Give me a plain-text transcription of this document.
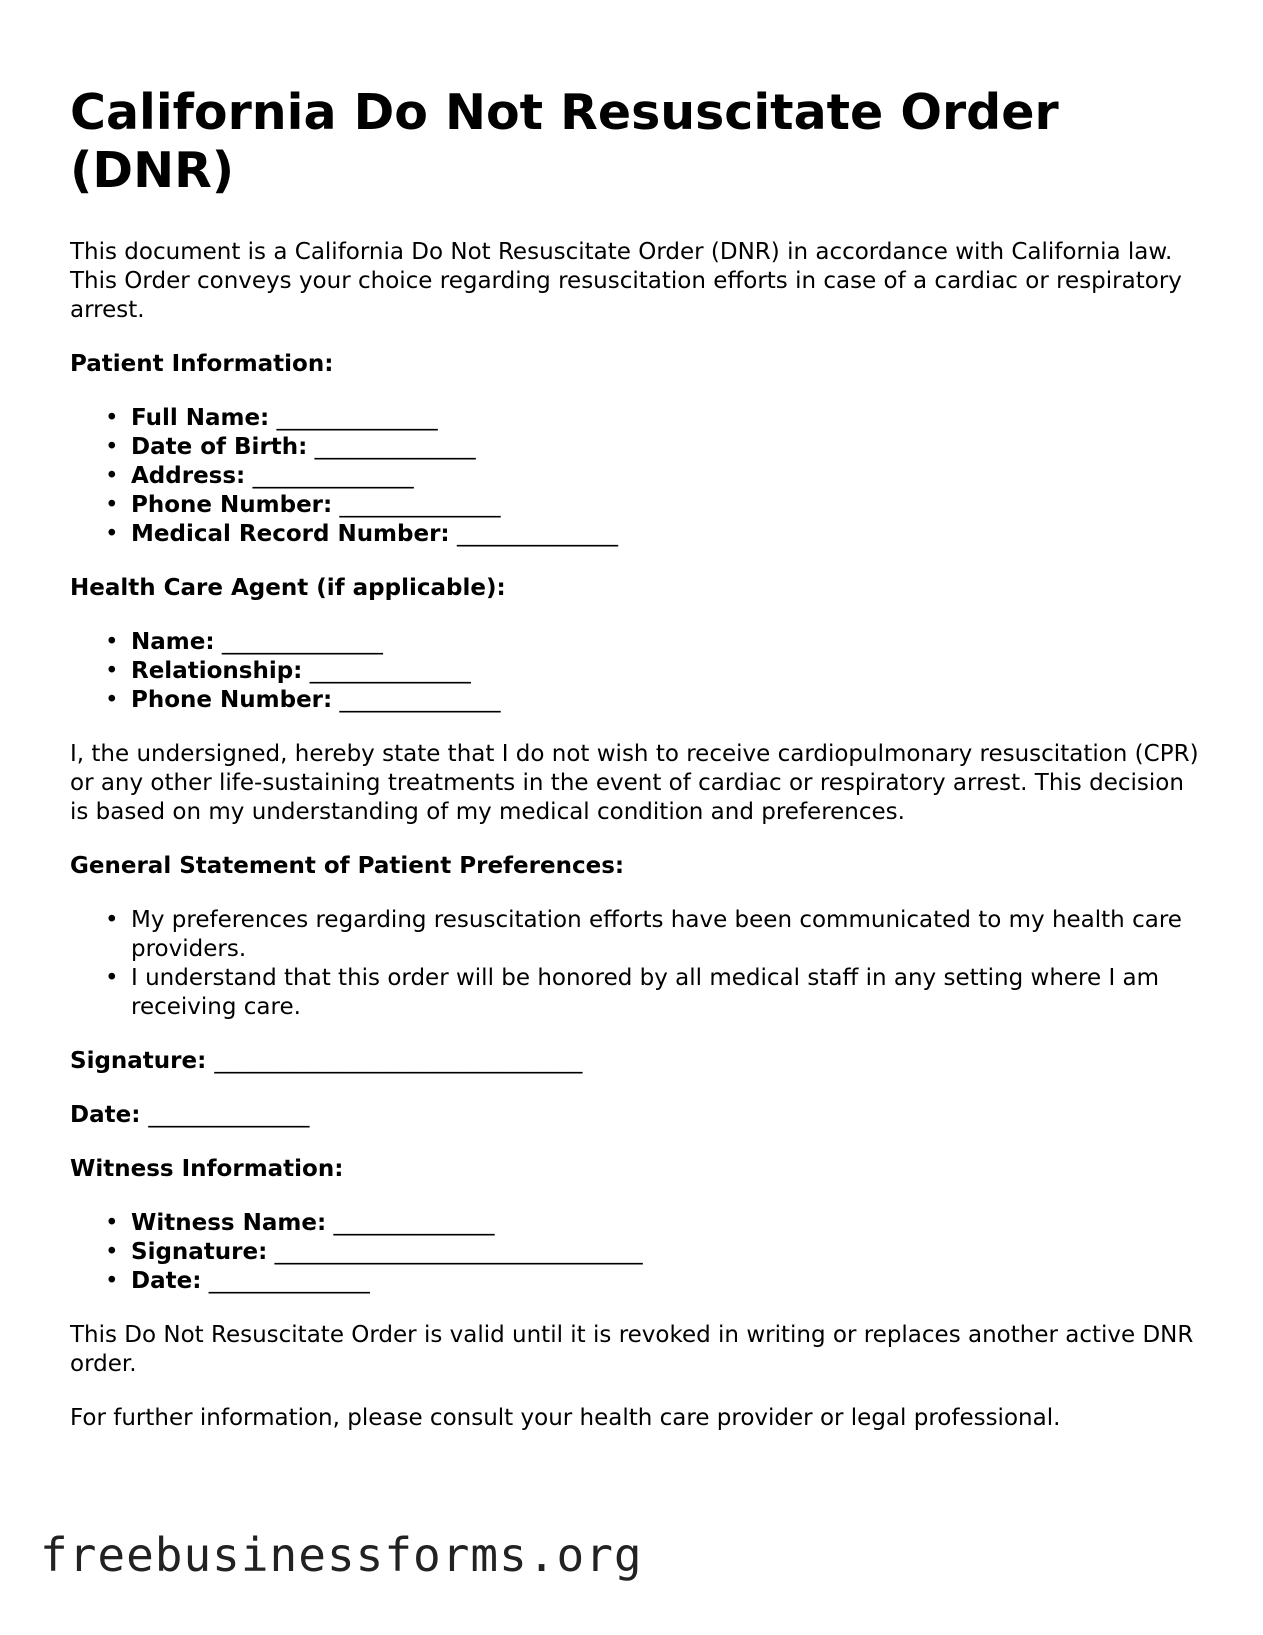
California Do Not Resuscitate Order (DNR)

This document is a California Do Not Resuscitate Order (DNR) in accordance with California law. This Order conveys your choice regarding resuscitation efforts in case of a cardiac or respiratory arrest.

Patient Information:

• Full Name: ______________
• Date of Birth: ______________
• Address: ______________
• Phone Number: ______________
• Medical Record Number: ______________

Health Care Agent (if applicable):

• Name: ______________
• Relationship: ______________
• Phone Number: ______________

I, the undersigned, hereby state that I do not wish to receive cardiopulmonary resuscitation (CPR) or any other life-sustaining treatments in the event of cardiac or respiratory arrest. This decision is based on my understanding of my medical condition and preferences.

General Statement of Patient Preferences:

• My preferences regarding resuscitation efforts have been communicated to my health care providers.
• I understand that this order will be honored by all medical staff in any setting where I am receiving care.

Signature: ________________________________

Date: ______________

Witness Information:

• Witness Name: ______________
• Signature: ________________________________
• Date: ______________

This Do Not Resuscitate Order is valid until it is revoked in writing or replaces another active DNR order.

For further information, please consult your health care provider or legal professional.

freebusinessforms.org
